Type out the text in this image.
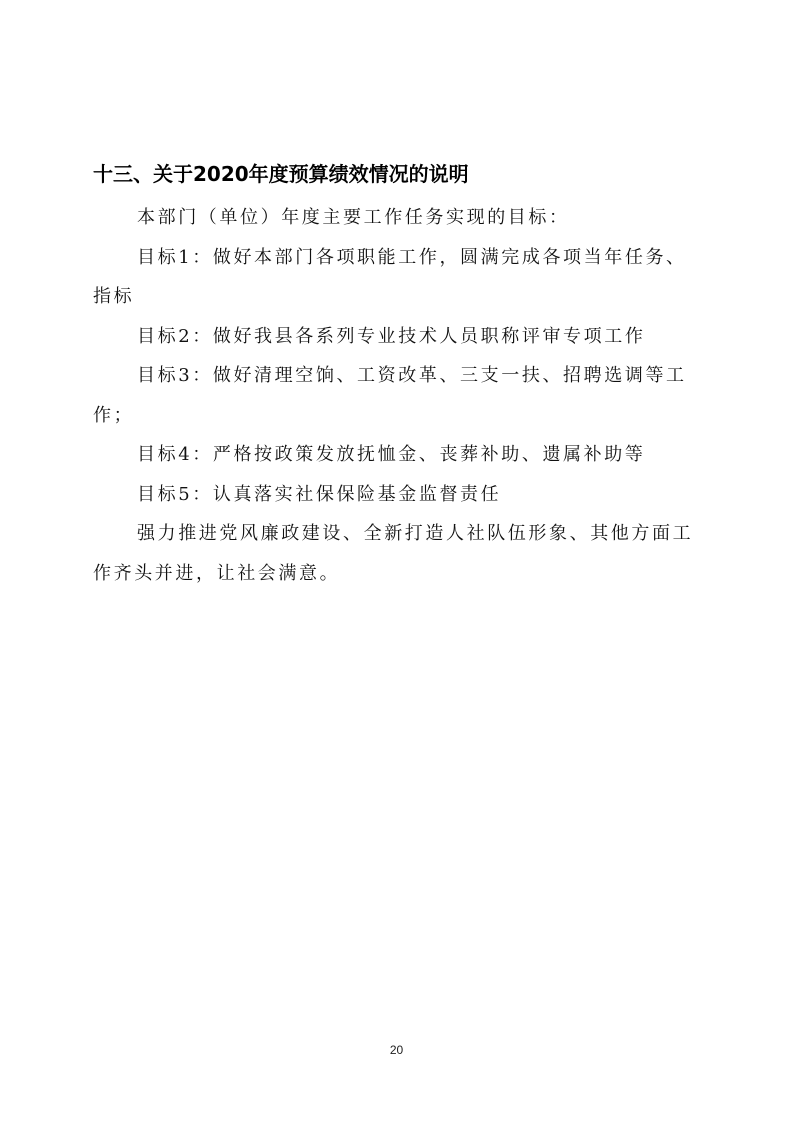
十三、关于2020年度预算绩效情况的说明

本部门（单位）年度主要工作任务实现的目标：

目标1：做好本部门各项职能工作，圆满完成各项当年任务、指标

目标2：做好我县各系列专业技术人员职称评审专项工作

目标3：做好清理空饷、工资改革、三支一扶、招聘选调等工作；

目标4：严格按政策发放抚恤金、丧葬补助、遗属补助等

目标5：认真落实社保保险基金监督责任

强力推进党风廉政建设、全新打造人社队伍形象、其他方面工作齐头并进，让社会满意。

20
